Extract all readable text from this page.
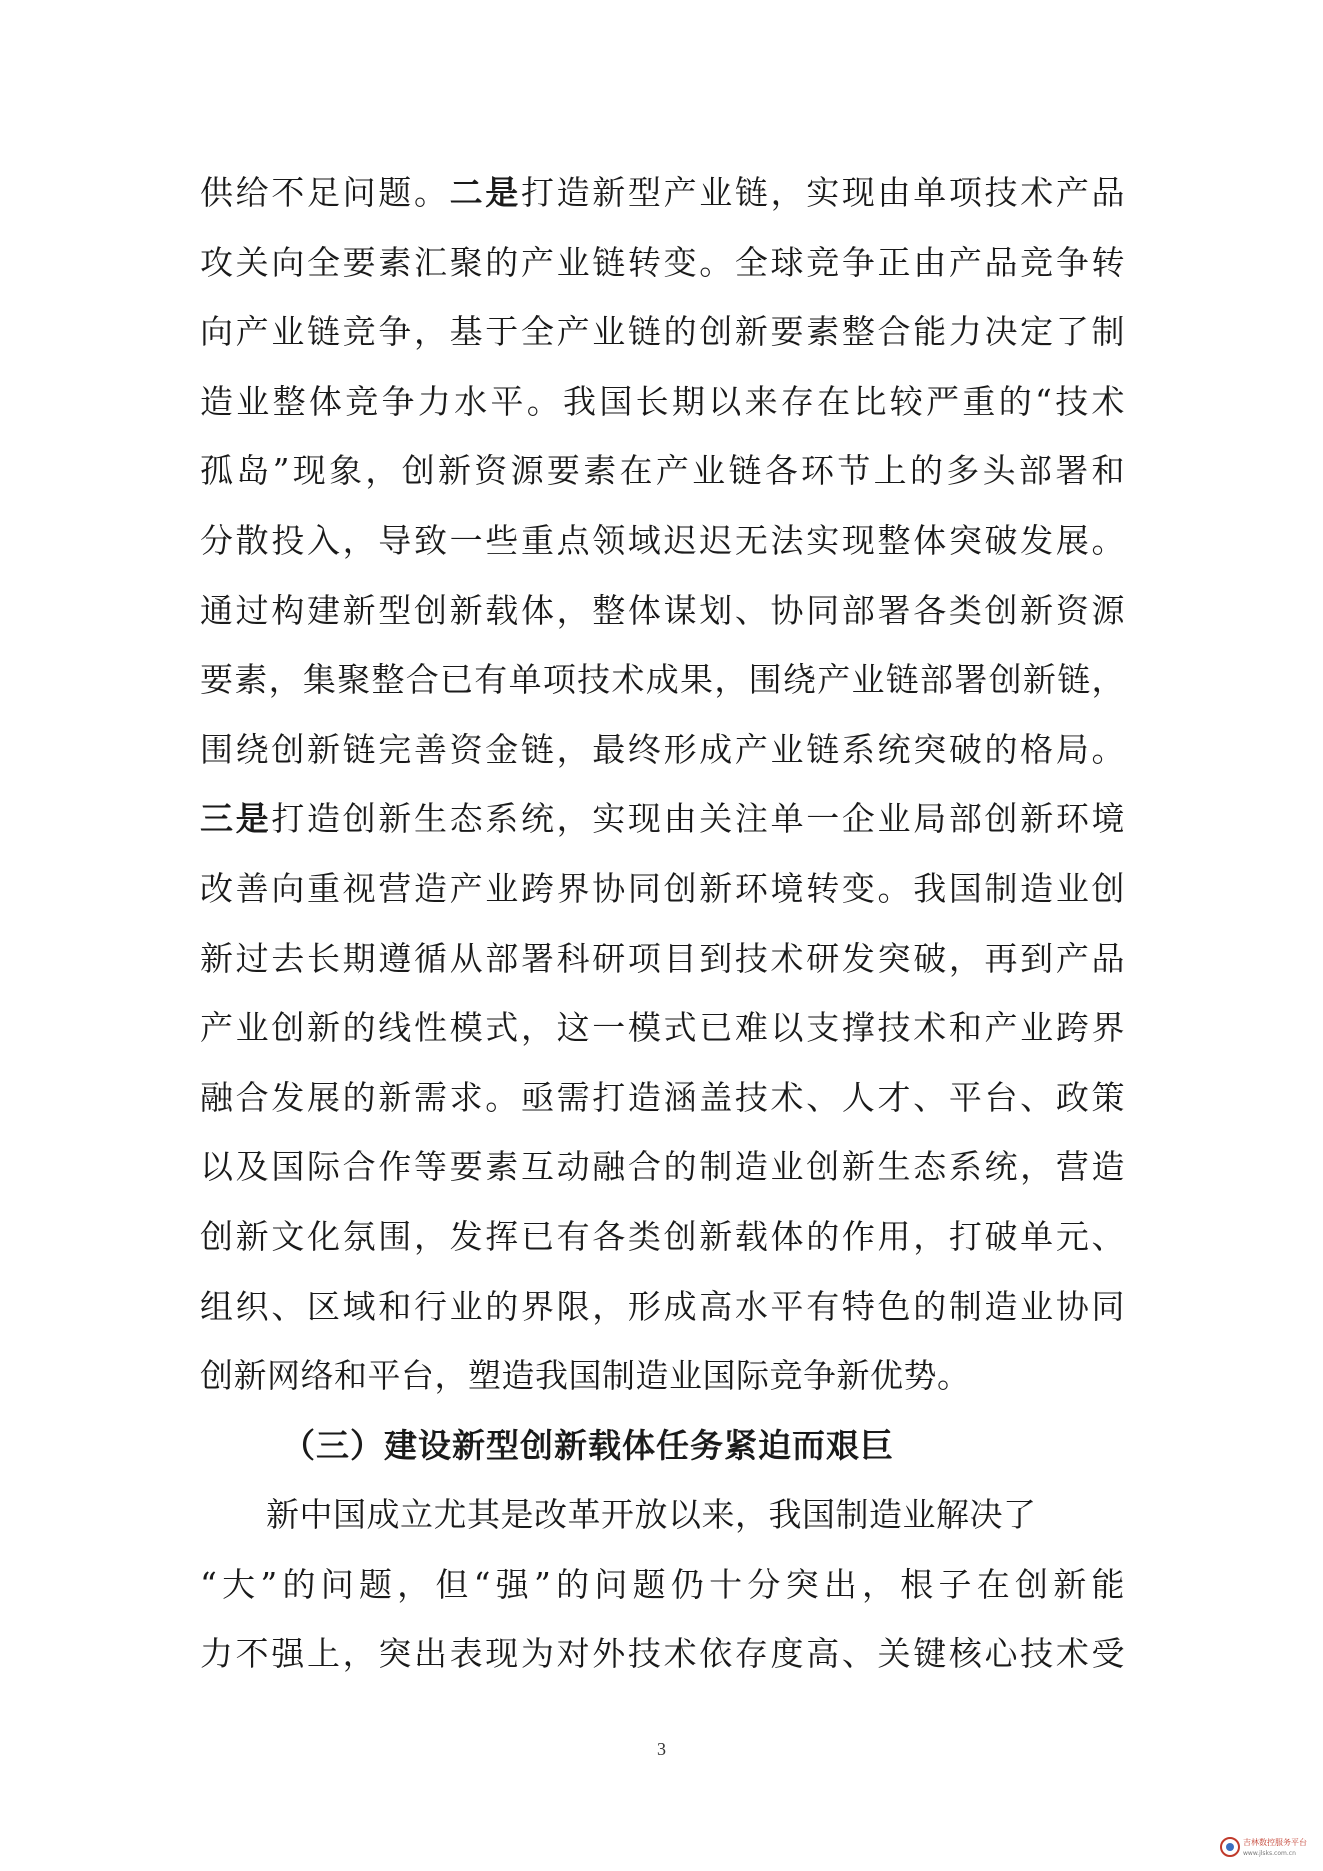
供给不足问题。二是打造新型产业链，实现由单项技术产品
攻关向全要素汇聚的产业链转变。全球竞争正由产品竞争转
向产业链竞争，基于全产业链的创新要素整合能力决定了制
造业整体竞争力水平。我国长期以来存在比较严重的“技术
孤岛”现象，创新资源要素在产业链各环节上的多头部署和
分散投入，导致一些重点领域迟迟无法实现整体突破发展。
通过构建新型创新载体，整体谋划、协同部署各类创新资源
要素，集聚整合已有单项技术成果，围绕产业链部署创新链，
围绕创新链完善资金链，最终形成产业链系统突破的格局。
三是打造创新生态系统，实现由关注单一企业局部创新环境
改善向重视营造产业跨界协同创新环境转变。我国制造业创
新过去长期遵循从部署科研项目到技术研发突破，再到产品
产业创新的线性模式，这一模式已难以支撑技术和产业跨界
融合发展的新需求。亟需打造涵盖技术、人才、平台、政策
以及国际合作等要素互动融合的制造业创新生态系统，营造
创新文化氛围，发挥已有各类创新载体的作用，打破单元、
组织、区域和行业的界限，形成高水平有特色的制造业协同
创新网络和平台，塑造我国制造业国际竞争新优势。
（三）建设新型创新载体任务紧迫而艰巨
新中国成立尤其是改革开放以来，我国制造业解决了
“大”的问题，但“强”的问题仍十分突出，根子在创新能
力不强上，突出表现为对外技术依存度高、关键核心技术受
3
吉林数控服务平台
www.jlsks.com.cn
